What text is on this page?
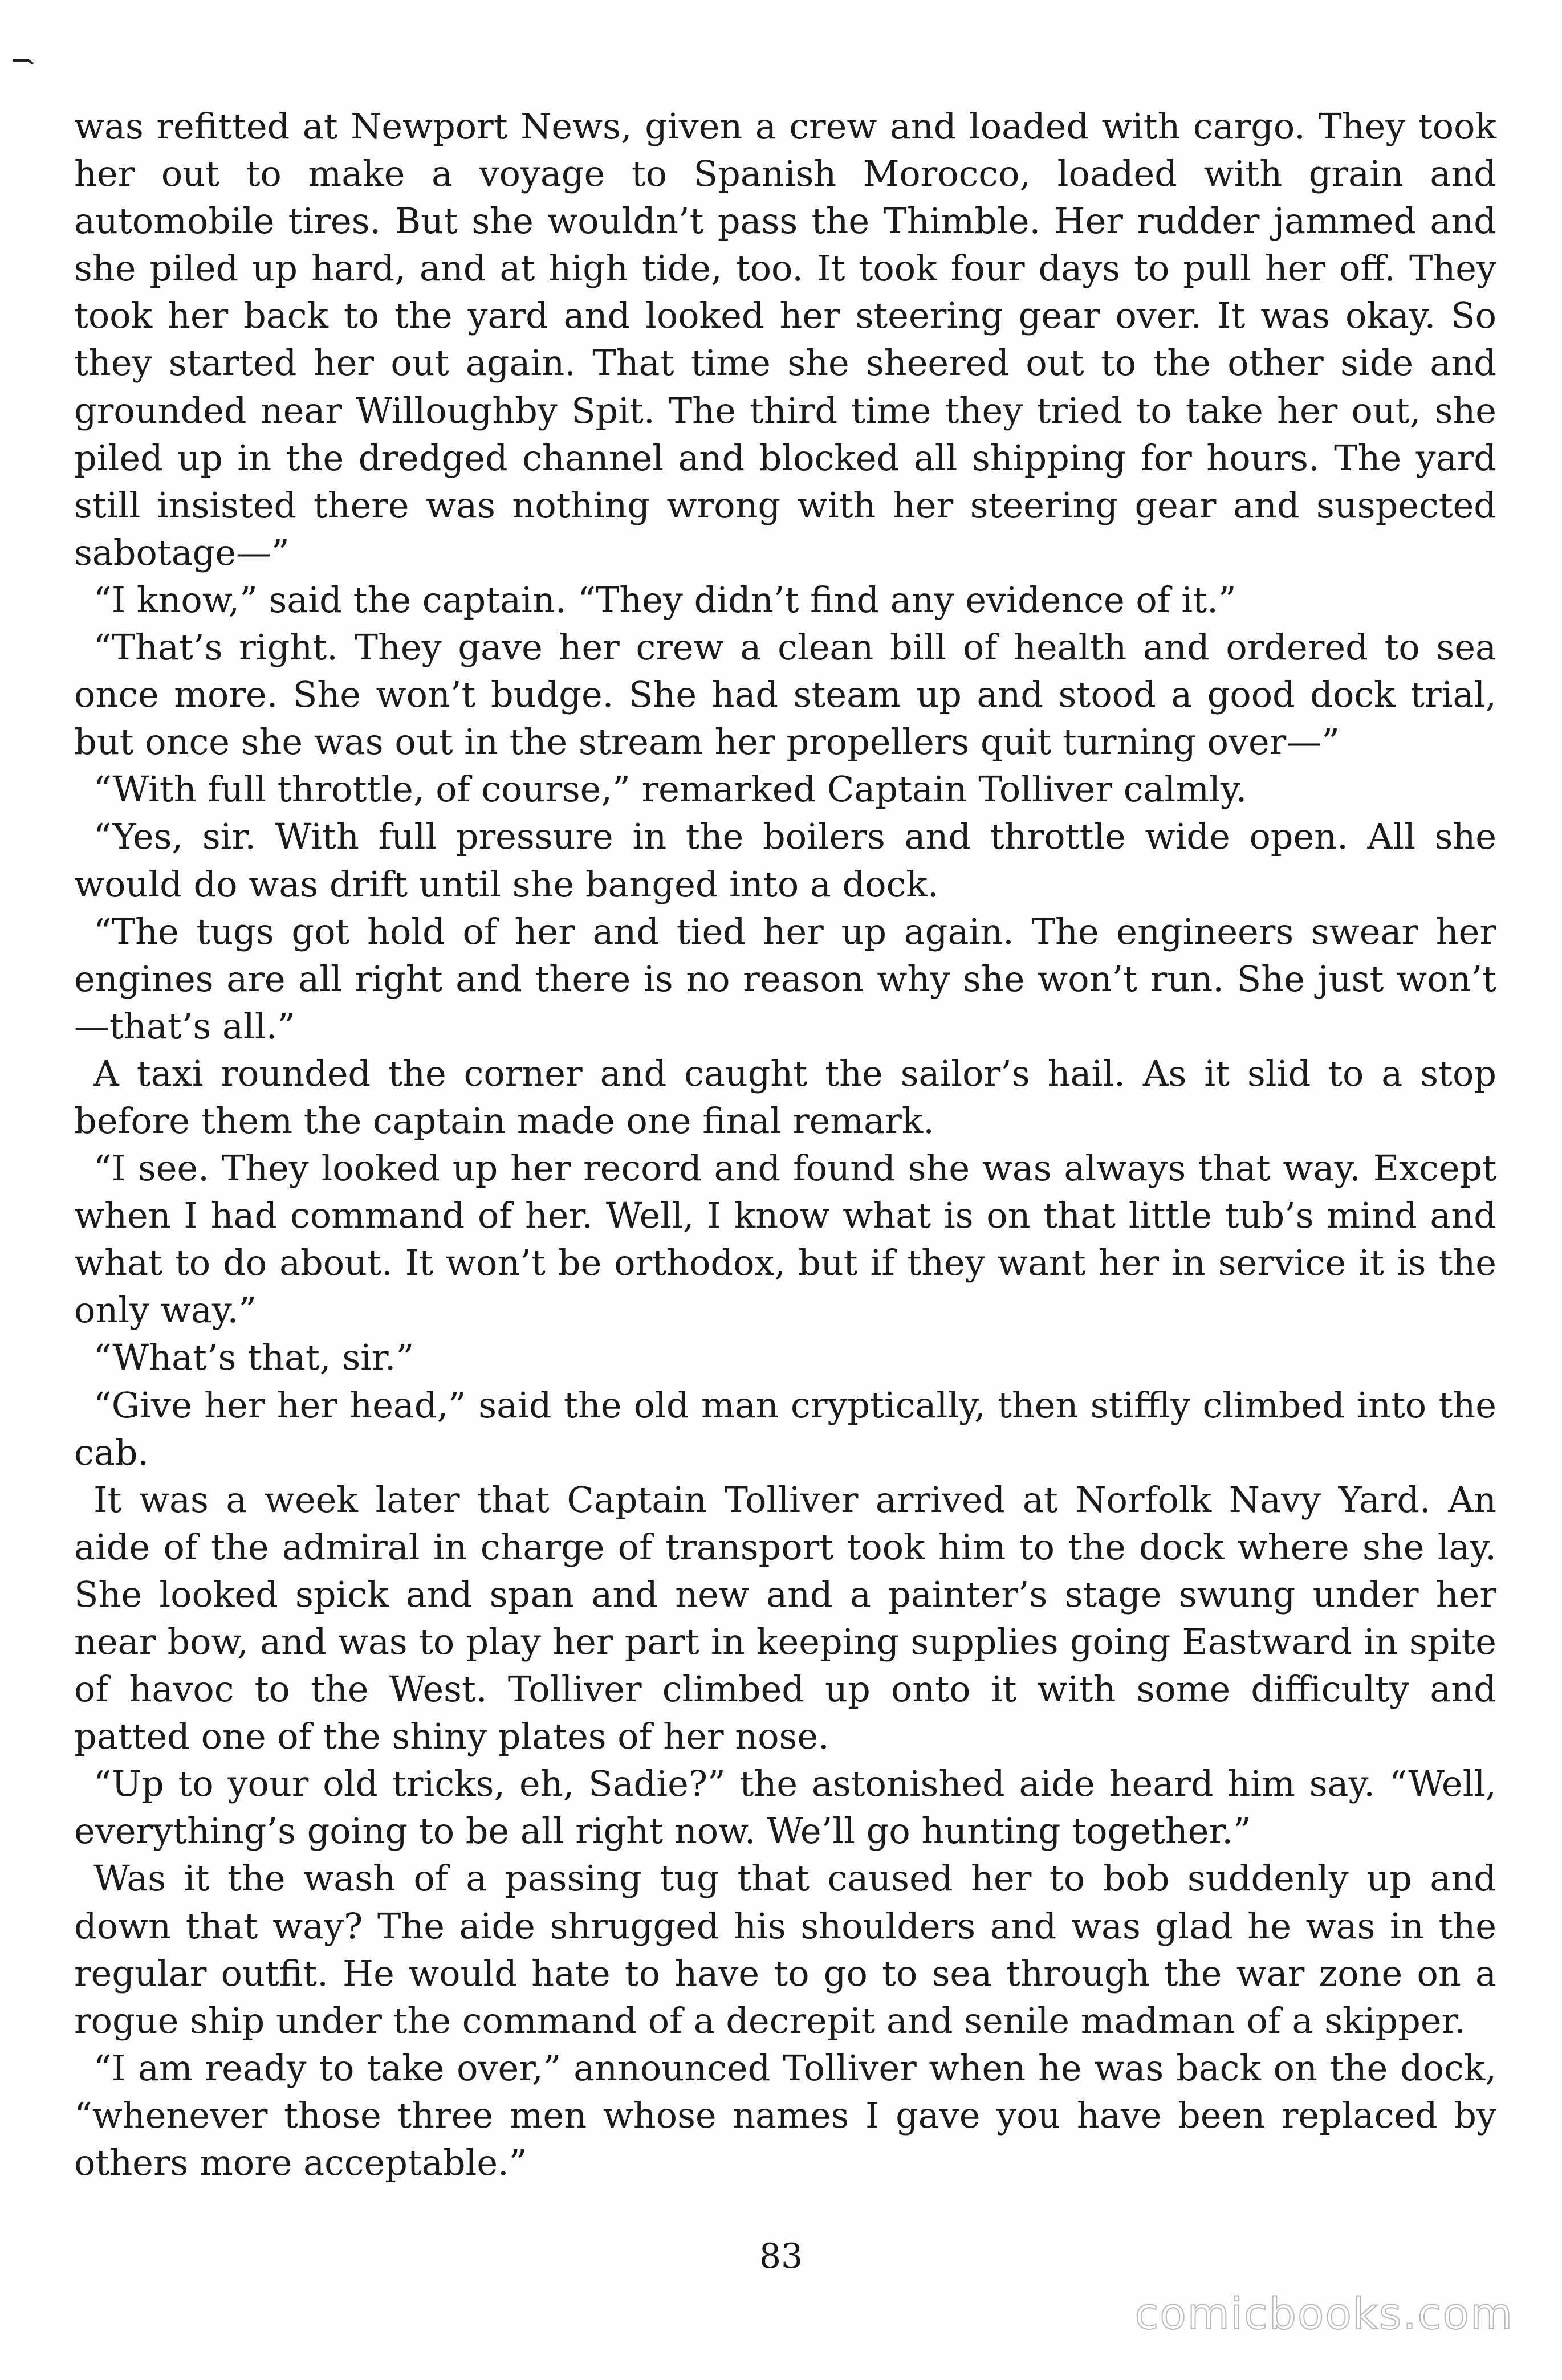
was refitted at Newport News, given a crew and loaded with cargo. They took her out to make a voyage to Spanish Morocco, loaded with grain and automobile tires. But she wouldn’t pass the Thimble. Her rudder jammed and she piled up hard, and at high tide, too. It took four days to pull her off. They took her back to the yard and looked her steering gear over. It was okay. So they started her out again. That time she sheered out to the other side and grounded near Willoughby Spit. The third time they tried to take her out, she piled up in the dredged channel and blocked all shipping for hours. The yard still insisted there was nothing wrong with her steering gear and suspected sabotage—”

“I know,” said the captain. “They didn’t find any evidence of it.”

“That’s right. They gave her crew a clean bill of health and ordered to sea once more. She won’t budge. She had steam up and stood a good dock trial, but once she was out in the stream her propellers quit turning over—”

“With full throttle, of course,” remarked Captain Tolliver calmly.

“Yes, sir. With full pressure in the boilers and throttle wide open. All she would do was drift until she banged into a dock.

“The tugs got hold of her and tied her up again. The engineers swear her engines are all right and there is no reason why she won’t run. She just won’t—that’s all.”

A taxi rounded the corner and caught the sailor’s hail. As it slid to a stop before them the captain made one final remark.

“I see. They looked up her record and found she was always that way. Except when I had command of her. Well, I know what is on that little tub’s mind and what to do about. It won’t be orthodox, but if they want her in service it is the only way.”

“What’s that, sir.”

“Give her her head,” said the old man cryptically, then stiffly climbed into the cab.

It was a week later that Captain Tolliver arrived at Norfolk Navy Yard. An aide of the admiral in charge of transport took him to the dock where she lay. She looked spick and span and new and a painter’s stage swung under her near bow, and was to play her part in keeping supplies going Eastward in spite of havoc to the West. Tolliver climbed up onto it with some difficulty and patted one of the shiny plates of her nose.

“Up to your old tricks, eh, Sadie?” the astonished aide heard him say. “Well, everything’s going to be all right now. We’ll go hunting together.”

Was it the wash of a passing tug that caused her to bob suddenly up and down that way? The aide shrugged his shoulders and was glad he was in the regular outfit. He would hate to have to go to sea through the war zone on a rogue ship under the command of a decrepit and senile madman of a skipper.

“I am ready to take over,” announced Tolliver when he was back on the dock, “whenever those three men whose names I gave you have been replaced by others more acceptable.”

83
comicbooks.com
